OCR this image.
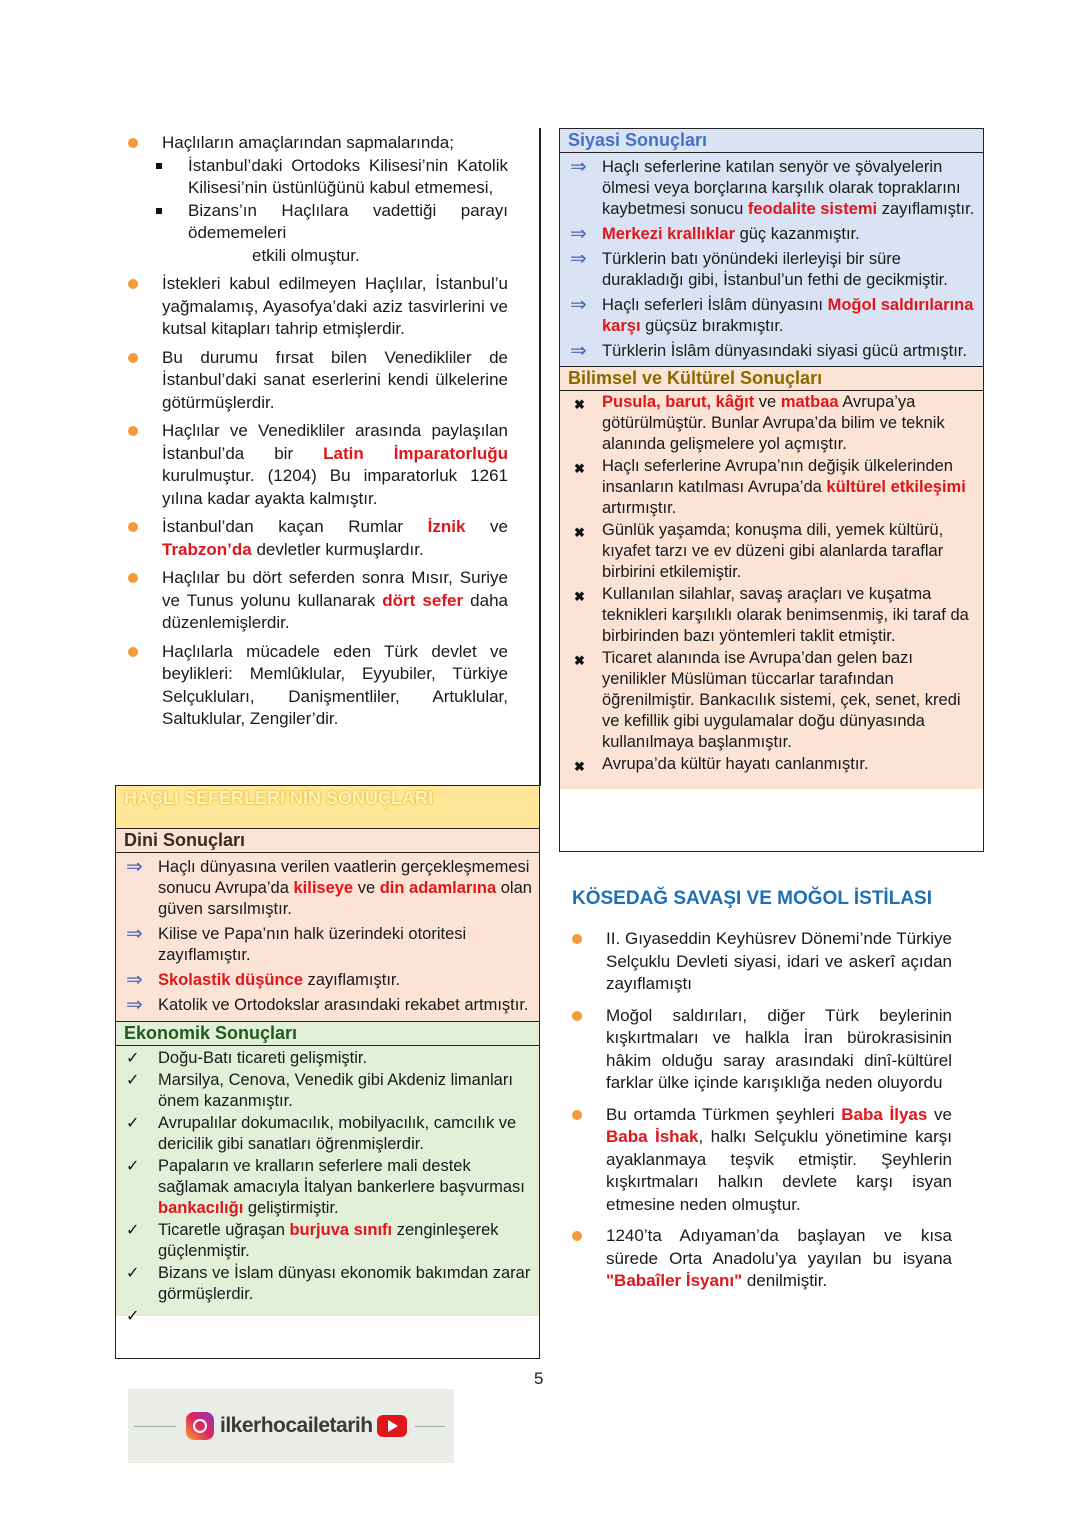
Haçlıların amaçlarından sapmalarında;
İstanbul’daki Ortodoks Kilisesi’nin Katolik Kilisesi’nin üstünlüğünü kabul etmemesi,
Bizans’ın Haçlılara vadettiği parayı ödememeleri
etkili olmuştur.
İstekleri kabul edilmeyen Haçlılar, İstanbul’u yağmalamış, Ayasofya’daki aziz tasvirlerini ve kutsal kitapları tahrip etmişlerdir.
Bu durumu fırsat bilen Venedikliler de İstanbul’daki sanat eserlerini kendi ülkelerine götürmüşlerdir.
Haçlılar ve Venedikliler arasında paylaşılan İstanbul’da bir Latin İmparatorluğu kurulmuştur. (1204) Bu imparatorluk 1261 yılına kadar ayakta kalmıştır.
İstanbul’dan kaçan Rumlar İznik ve Trabzon’da devletler kurmuşlardır.
Haçlılar bu dört seferden sonra Mısır, Suriye ve Tunus yolunu kullanarak dört sefer daha düzenlemişlerdir.
Haçlılarla mücadele eden Türk devlet ve beylikleri: Memlûklular, Eyyubiler, Türkiye Selçukluları, Danişmentliler, Artuklular, Saltuklular, Zengiler’dir.
HAÇLI SEFERLERİ’NİN SONUÇLARI
Dini Sonuçları
⇒ Haçlı dünyasına verilen vaatlerin gerçekleşmemesi sonucu Avrupa’da kiliseye ve din adamlarına olan güven sarsılmıştır.
⇒ Kilise ve Papa’nın halk üzerindeki otoritesi zayıflamıştır.
⇒ Skolastik düşünce zayıflamıştır.
⇒ Katolik ve Ortodokslar arasındaki rekabet artmıştır.
Ekonomik Sonuçları
✓ Doğu-Batı ticareti gelişmiştir.
✓ Marsilya, Cenova, Venedik gibi Akdeniz limanları önem kazanmıştır.
✓ Avrupalılar dokumacılık, mobilyacılık, camcılık ve dericilik gibi sanatları öğrenmişlerdir.
✓ Papaların ve kralların seferlere mali destek sağlamak amacıyla İtalyan bankerlere başvurması bankacılığı geliştirmiştir.
✓ Ticaretle uğraşan burjuva sınıfı zenginleşerek güçlenmiştir.
✓ Bizans ve İslam dünyası ekonomik bakımdan zarar görmüşlerdir.
✓
Siyasi Sonuçları
⇒ Haçlı seferlerine katılan senyör ve şövalyelerin ölmesi veya borçlarına karşılık olarak topraklarını kaybetmesi sonucu feodalite sistemi zayıflamıştır.
⇒ Merkezi krallıklar güç kazanmıştır.
⇒ Türklerin batı yönündeki ilerleyişi bir süre durakladığı gibi, İstanbul’un fethi de gecikmiştir.
⇒ Haçlı seferleri İslâm dünyasını Moğol saldırılarına karşı güçsüz bırakmıştır.
⇒ Türklerin İslâm dünyasındaki siyasi gücü artmıştır.
Bilimsel ve Kültürel Sonuçları
✖ Pusula, barut, kâğıt ve matbaa Avrupa’ya götürülmüştür. Bunlar Avrupa’da bilim ve teknik alanında gelişmelere yol açmıştır.
✖ Haçlı seferlerine Avrupa’nın değişik ülkelerinden insanların katılması Avrupa’da kültürel etkileşimi artırmıştır.
✖ Günlük yaşamda; konuşma dili, yemek kültürü, kıyafet tarzı ve ev düzeni gibi alanlarda taraflar birbirini etkilemiştir.
✖ Kullanılan silahlar, savaş araçları ve kuşatma teknikleri karşılıklı olarak benimsenmiş, iki taraf da birbirinden bazı yöntemleri taklit etmiştir.
✖ Ticaret alanında ise Avrupa’dan gelen bazı yenilikler Müslüman tüccarlar tarafından öğrenilmiştir. Bankacılık sistemi, çek, senet, kredi ve kefillik gibi uygulamalar doğu dünyasında kullanılmaya başlanmıştır.
✖ Avrupa’da kültür hayatı canlanmıştır.
KÖSEDAĞ SAVAŞI VE MOĞOL İSTİLASI
II. Gıyaseddin Keyhüsrev Dönemi’nde Türkiye Selçuklu Devleti siyasi, idari ve askerî açıdan zayıflamıştı
Moğol saldırıları, diğer Türk beylerinin kışkırtmaları ve halkla İran bürokrasisinin hâkim olduğu saray arasındaki dinî-kültürel farklar ülke içinde karışıklığa neden oluyordu
Bu ortamda Türkmen şeyhleri Baba İlyas ve Baba İshak, halkı Selçuklu yönetimine karşı ayaklanmaya teşvik etmiştir. Şeyhlerin kışkırtmaları halkın devlete karşı isyan etmesine neden olmuştur.
1240’ta Adıyaman’da başlayan ve kısa sürede Orta Anadolu’ya yayılan bu isyana "Babaîler İsyanı" denilmiştir.
5
ilkerhocailetarih
